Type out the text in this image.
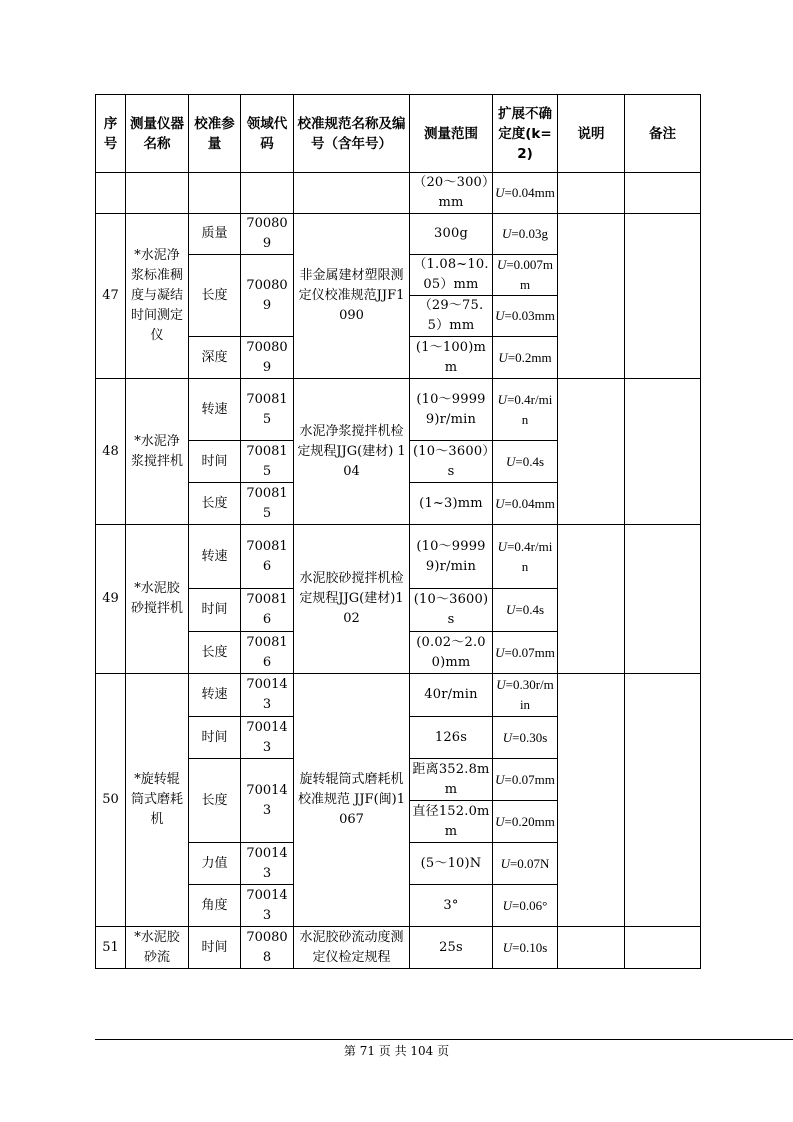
序号	测量仪器名称	校准参量	领域代码	校准规范名称及编号（含年号）	测量范围	扩展不确定度(k=2)	说明	备注
					（20～300）mm	U=0.04mm		
47	*水泥净浆标准稠度与凝结时间测定仪	质量	700809	非金属建材塑限测定仪校准规范JJF1090	300g	U=0.03g		
		长度	700809		（1.08~10.05）mm	U=0.007mm		
					（29～75.5）mm	U=0.03mm		
		深度	700809		(1～100)mm	U=0.2mm		
48	*水泥净浆搅拌机	转速	700815	水泥净浆搅拌机检定规程JJG(建材) 104	(10～99999)r/min	U=0.4r/min		
		时间	700815		(10～3600）s	U=0.4s		
		长度	700815		(1~3)mm	U=0.04mm		
49	*水泥胶砂搅拌机	转速	700816	水泥胶砂搅拌机检定规程JJG(建材)102	(10～99999)r/min	U=0.4r/min		
		时间	700816		(10～3600)s	U=0.4s		
		长度	700816		(0.02～2.00)mm	U=0.07mm		
50	*旋转辊筒式磨耗机	转速	700143	旋转辊筒式磨耗机校准规范 JJF(闽)1067	40r/min	U=0.30r/min		
		时间	700143		126s	U=0.30s		
		长度	700143		距离352.8mm	U=0.07mm		
					直径152.0mm	U=0.20mm		
		力值	700143		(5～10)N	U=0.07N		
		角度	700143		3°	U=0.06°		
51	*水泥胶砂流	时间	700808	水泥胶砂流动度测定仪检定规程	25s	U=0.10s		
第 71 页 共 104 页
